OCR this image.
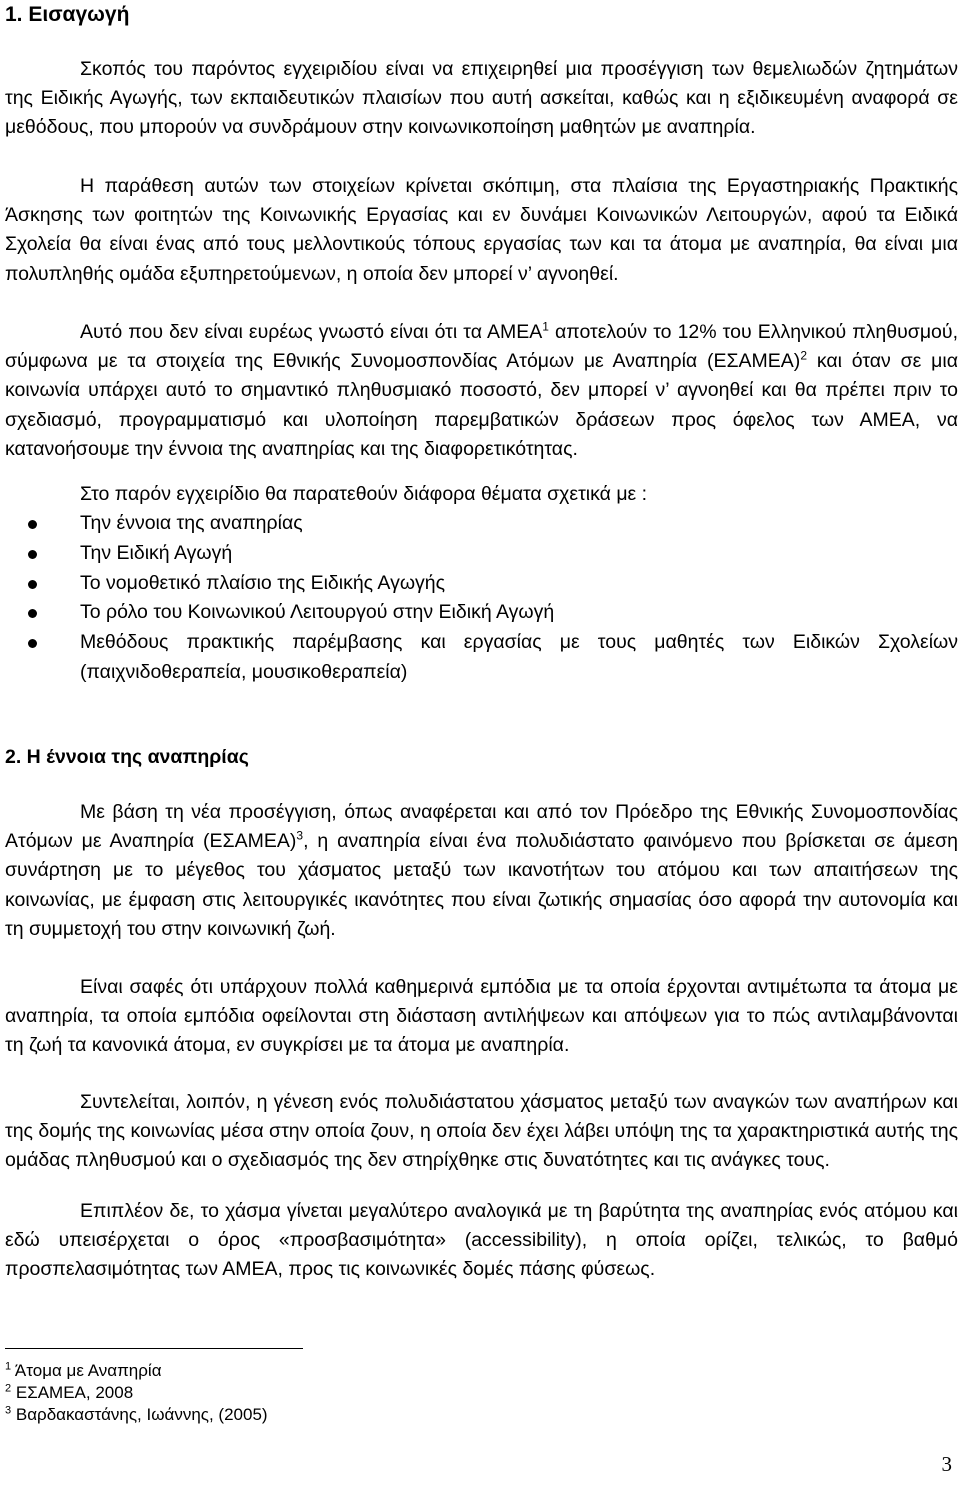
1. Εισαγωγή
Σκοπός του παρόντος εγχειριδίου είναι να επιχειρηθεί μια προσέγγιση των θεμελιωδών ζητημάτων της Ειδικής Αγωγής, των εκπαιδευτικών πλαισίων που αυτή ασκείται, καθώς και η εξιδικευμένη αναφορά σε μεθόδους, που μπορούν να συνδράμουν στην κοινωνικοποίηση μαθητών με αναπηρία.
Η παράθεση αυτών των στοιχείων κρίνεται σκόπιμη, στα πλαίσια της Εργαστηριακής Πρακτικής Άσκησης των φοιτητών της Κοινωνικής Εργασίας και εν δυνάμει Κοινωνικών Λειτουργών, αφού τα Ειδικά Σχολεία θα είναι ένας από τους μελλοντικούς τόπους εργασίας των και τα άτομα με αναπηρία, θα είναι μια πολυπληθής ομάδα εξυπηρετούμενων, η οποία δεν μπορεί ν’ αγνοηθεί.
Αυτό που δεν είναι ευρέως γνωστό είναι ότι τα ΑΜΕΑ$^1$ αποτελούν το 12% του Ελληνικού πληθυσμού, σύμφωνα με τα στοιχεία της Εθνικής Συνομοσπονδίας Ατόμων με Αναπηρία $(E\Sigma AMEA)^2$ και όταν σε μια κοινωνία υπάρχει αυτό το σημαντικό πληθυσμιακό ποσοστό, δεν μπορεί ν’ αγνοηθεί και θα πρέπει πριν το σχεδιασμό, προγραμματισμό και υλοποίηση παρεμβατικών δράσεων προς όφελος των ΑΜΕΑ, να κατανοήσουμε την έννοια της αναπηρίας και της διαφορετικότητας.
Στο παρόν εγχειρίδιο θα παρατεθούν διάφορα θέματα σχετικά με :
Την έννοια της αναπηρίας
Την Ειδική Αγωγή
Το νομοθετικό πλαίσιο της Ειδικής Αγωγής
Το ρόλο του Κοινωνικού Λειτουργού στην Ειδική Αγωγή
Μεθόδους πρακτικής παρέμβασης και εργασίας με τους μαθητές των Ειδικών Σχολείων (παιχνιδοθεραπεία, μουσικοθεραπεία)
2. Η έννοια της αναπηρίας
Με βάση τη νέα προσέγγιση, όπως αναφέρεται και από τον Πρόεδρο της Εθνικής Συνομοσπονδίας Ατόμων με Αναπηρία $(E\Sigma AMEA)^3$, η αναπηρία είναι ένα πολυδιάστατο φαινόμενο που βρίσκεται σε άμεση συνάρτηση με το μέγεθος του χάσματος μεταξύ των ικανοτήτων του ατόμου και των απαιτήσεων της κοινωνίας, με έμφαση στις λειτουργικές ικανότητες που είναι ζωτικής σημασίας όσο αφορά την αυτονομία και τη συμμετοχή του στην κοινωνική ζωή.
Είναι σαφές ότι υπάρχουν πολλά καθημερινά εμπόδια με τα οποία έρχονται αντιμέτωπα τα άτομα με αναπηρία, τα οποία εμπόδια οφείλονται στη διάσταση αντιλήψεων και απόψεων για το πώς αντιλαμβάνονται τη ζωή τα κανονικά άτομα, εν συγκρίσει με τα άτομα με αναπηρία.
Συντελείται, λοιπόν, η γένεση ενός πολυδιάστατου χάσματος μεταξύ των αναγκών των αναπήρων και της δομής της κοινωνίας μέσα στην οποία ζουν, η οποία δεν έχει λάβει υπόψη της τα χαρακτηριστικά αυτής της ομάδας πληθυσμού και ο σχεδιασμός της δεν στηρίχθηκε στις δυνατότητες και τις ανάγκες τους.
Επιπλέον δε, το χάσμα γίνεται μεγαλύτερο αναλογικά με τη βαρύτητα της αναπηρίας ενός ατόμου και εδώ υπεισέρχεται ο όρος «προσβασιμότητα» (accessibility), η οποία ορίζει, τελικώς, το βαθμό προσπελασιμότητας των ΑΜΕΑ, προς τις κοινωνικές δομές πάσης φύσεως.
$^1$ Άτομα με Αναπηρία
$^2$ ΕΣΑΜΕΑ, 2008
$^3$ Βαρδακαστάνης, Ιωάννης, (2005)
3
